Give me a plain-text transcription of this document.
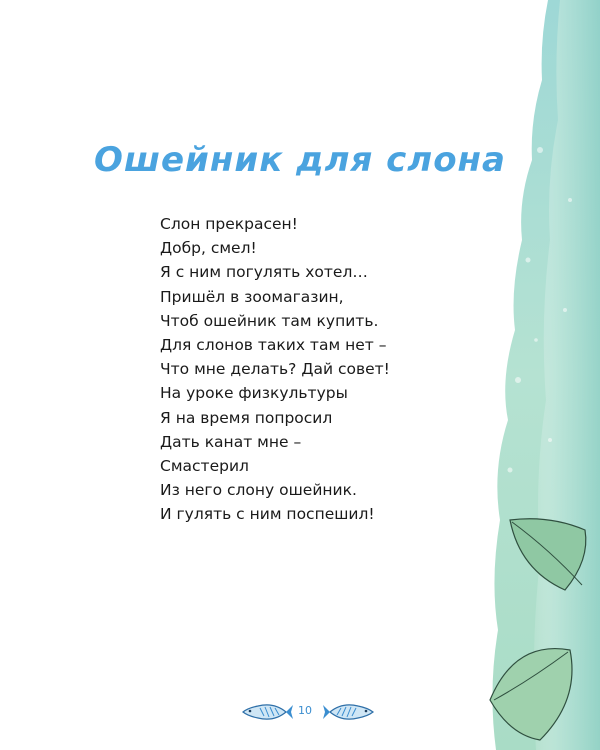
Ошейник для слона
Слон прекрасен!
Добр, смел!
Я с ним погулять хотел…
Пришёл в зоомагазин,
Чтоб ошейник там купить.
Для слонов таких там нет –
Что мне делать? Дай совет!
На уроке физкультуры
Я на время попросил
Дать канат мне –
Смастерил
Из него слону ошейник.
И гулять с ним поспешил!
10
